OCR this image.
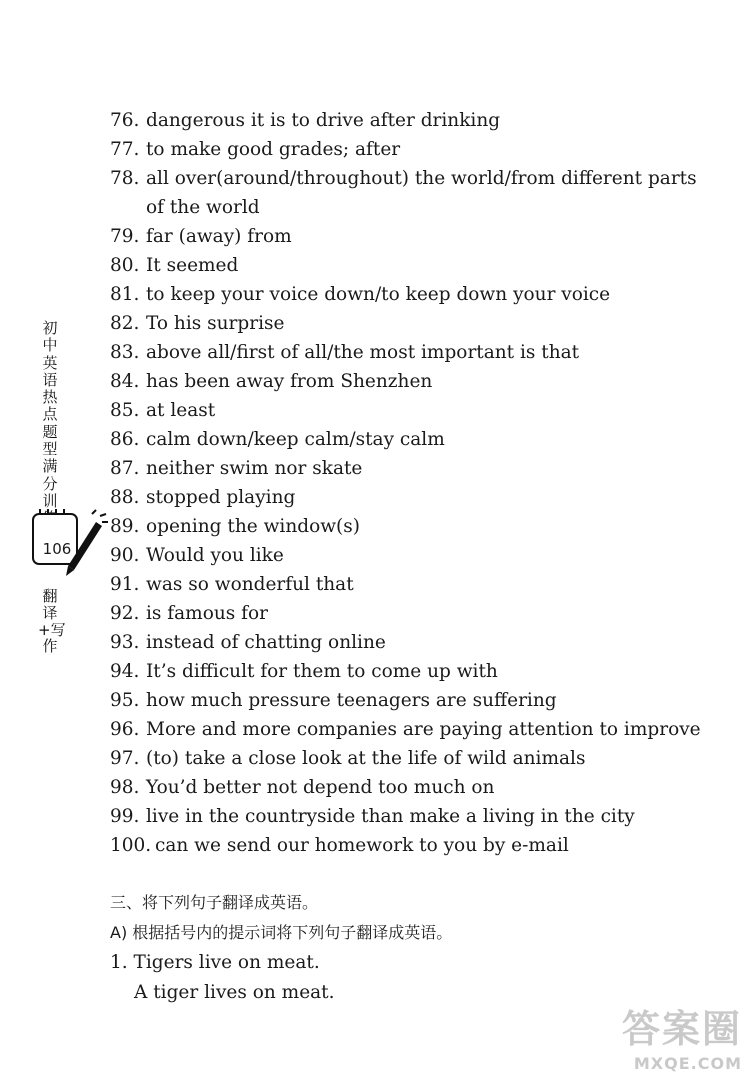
76. dangerous it is to drive after drinking
77. to make good grades; after
78. all over(around/throughout) the world/from different parts of the world
79. far (away) from
80. It seemed
81. to keep your voice down/to keep down your voice
82. To his surprise
83. above all/first of all/the most important is that
84. has been away from Shenzhen
85. at least
86. calm down/keep calm/stay calm
87. neither swim nor skate
88. stopped playing
89. opening the window(s)
90. Would you like
91. was so wonderful that
92. is famous for
93. instead of chatting online
94. It’s difficult for them to come up with
95. how much pressure teenagers are suffering
96. More and more companies are paying attention to improve
97. (to) take a close look at the life of wild animals
98. You’d better not depend too much on
99. live in the countryside than make a living in the city
100. can we send our homework to you by e-mail
初中英语热点题型满分训
106
翻译+写作
三、将下列句子翻译成英语。
A) 根据括号内的提示词将下列句子翻译成英语。
1. Tigers live on meat.
A tiger lives on meat.
答案圈
MXQE.COM
